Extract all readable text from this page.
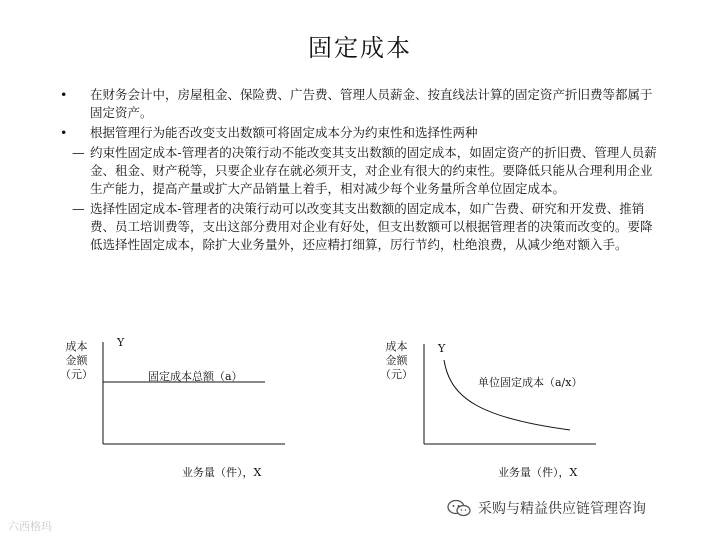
固定成本
• 在财务会计中，房屋租金、保险费、广告费、管理人员薪金、按直线法计算的固定资产折旧费等都属于固定资产。
• 根据管理行为能否改变支出数额可将固定成本分为约束性和选择性两种
— 约束性固定成本-管理者的决策行动不能改变其支出数额的固定成本，如固定资产的折旧费、管理人员薪金、租金、财产税等，只要企业存在就必须开支，对企业有很大的约束性。要降低只能从合理利用企业生产能力，提高产量或扩大产品销量上着手，相对减少每个业务量所含单位固定成本。
— 选择性固定成本-管理者的决策行动可以改变其支出数额的固定成本，如广告费、研究和开发费、推销费、员工培训费等，支出这部分费用对企业有好处，但支出数额可以根据管理者的决策而改变的。要降低选择性固定成本，除扩大业务量外，还应精打细算，厉行节约，杜绝浪费，从减少绝对额入手。
成本
金额
（元）
Y
固定成本总额（a）
业务量（件），X
成本
金额
（元）
Y
单位固定成本（a/x）
业务量（件），X
六西格玛
采购与精益供应链管理咨询
